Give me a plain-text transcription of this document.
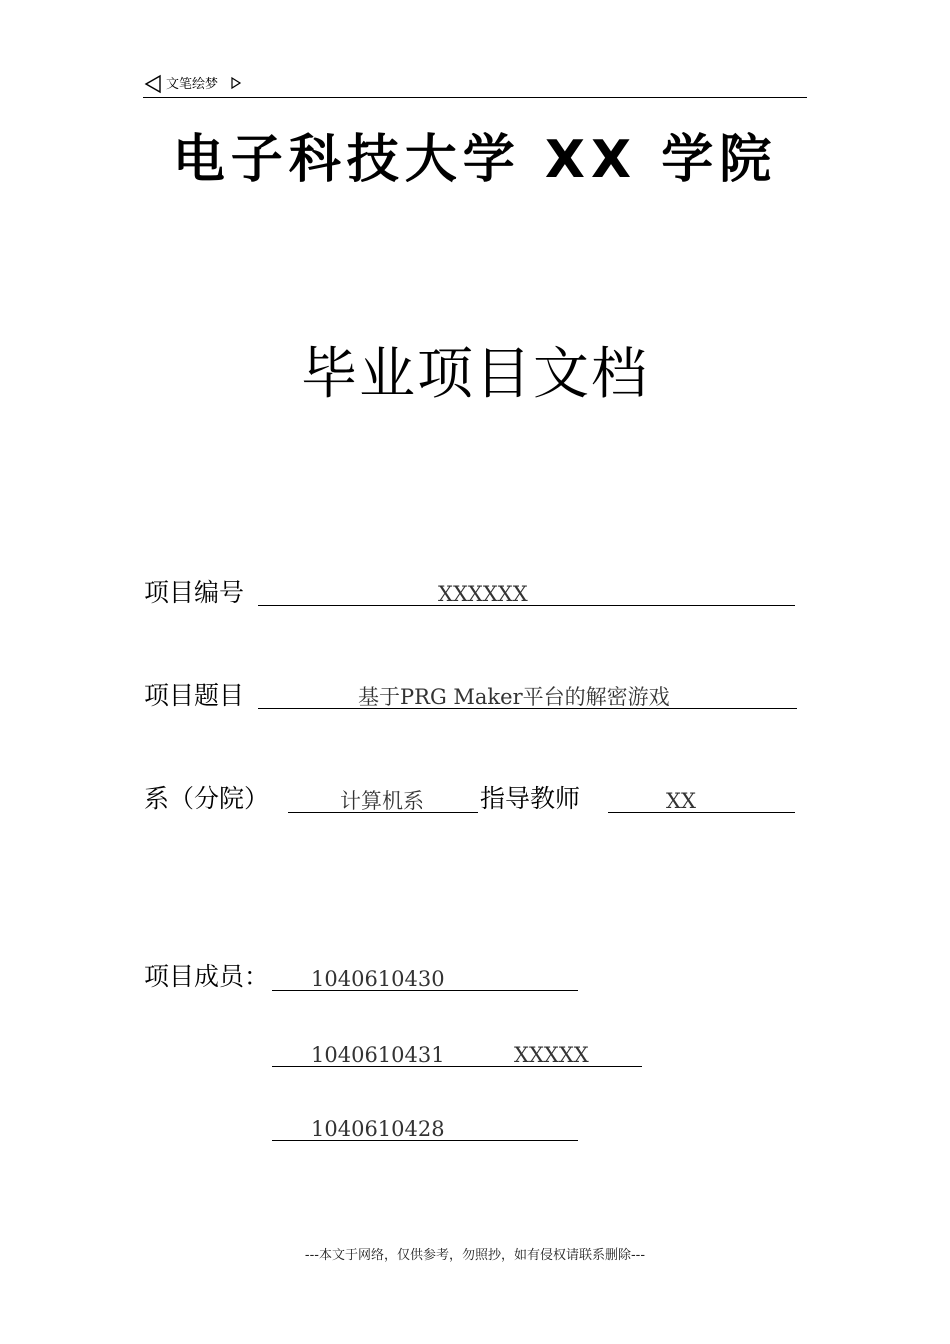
文笔绘梦
电子科技大学 XX 学院
毕业项目文档
项目编号	XXXXXX
项目题目	基于PRG Maker平台的解密游戏
系（分院）	计算机系 指导教师	XX
项目成员： 1040610430
1040610431	XXXXX
1040610428
---本文于网络，仅供参考，勿照抄，如有侵权请联系删除---
